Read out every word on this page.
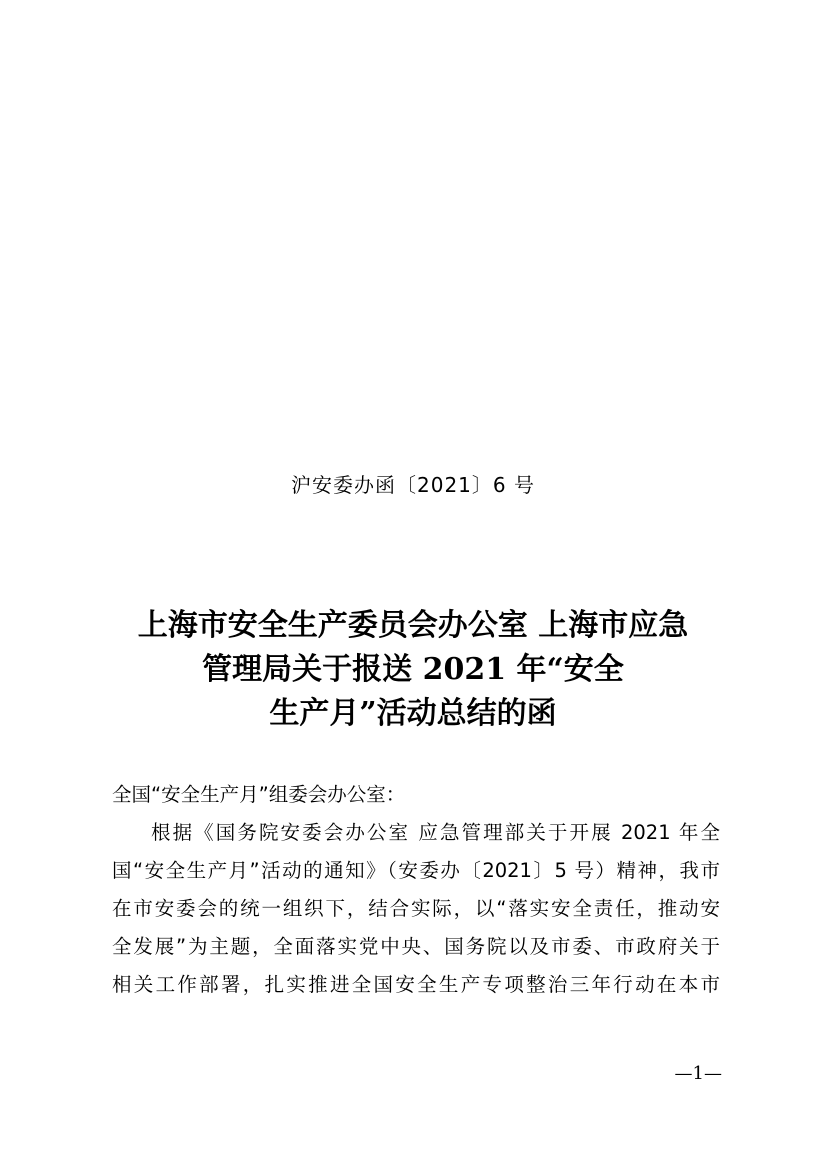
沪安委办函〔2021〕6 号
上海市安全生产委员会办公室 上海市应急
管理局关于报送 2021 年“安全
生产月”活动总结的函
全国“安全生产月”组委会办公室：
根据《国务院安委会办公室 应急管理部关于开展 2021 年全
国“安全生产月”活动的通知》（安委办〔2021〕5 号）精神，我市
在市安委会的统一组织下，结合实际，以“落实安全责任，推动安
全发展”为主题，全面落实党中央、国务院以及市委、市政府关于
相关工作部署，扎实推进全国安全生产专项整治三年行动在本市
—1—
